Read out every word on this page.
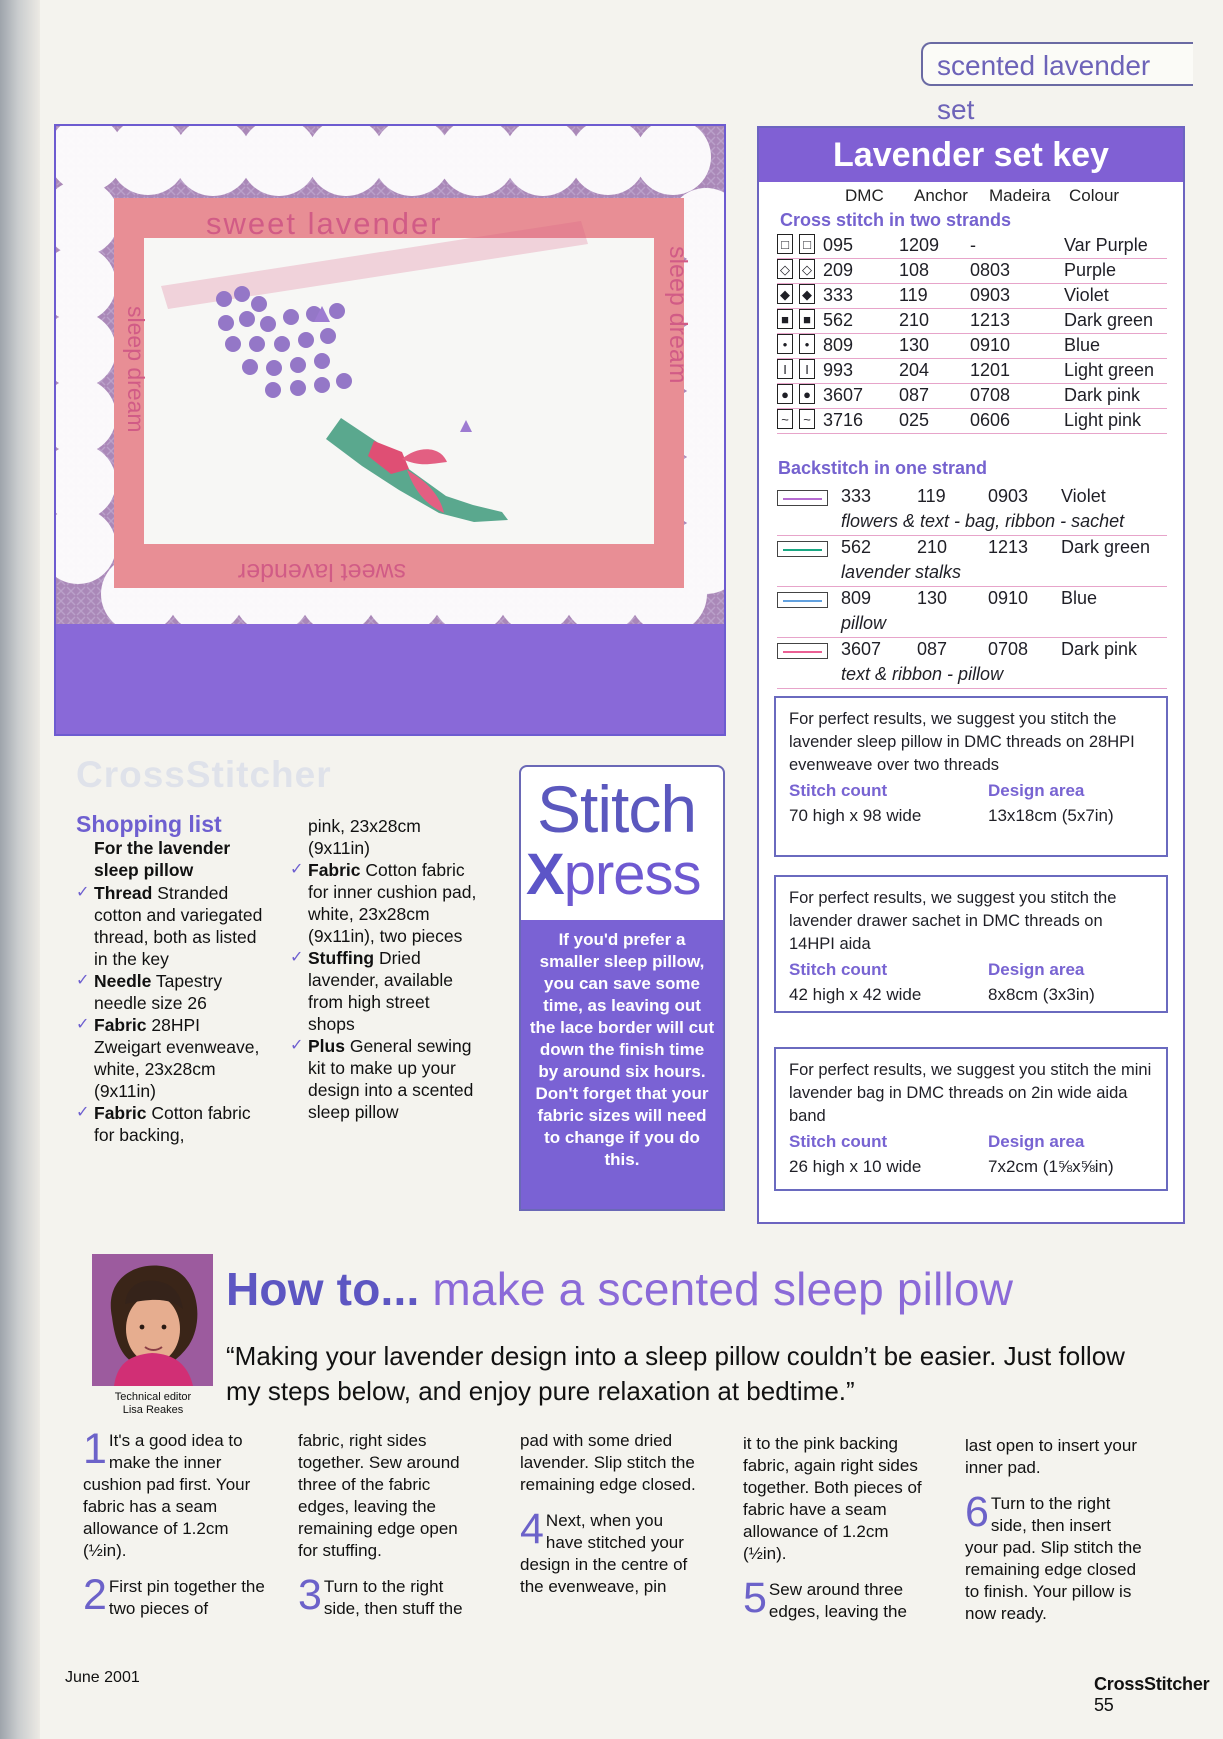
scented lavender set
sweet lavender
sleep dream	sleep dream
sweet lavender
CrossStitcher
Shopping list
For the lavender sleep pillow
✓ Thread Stranded cotton and variegated thread, both as listed in the key
✓ Needle Tapestry needle size 26
✓ Fabric 28HPI Zweigart evenweave, white, 23x28cm (9x11in)
✓ Fabric Cotton fabric for backing,
pink, 23x28cm (9x11in)
✓ Fabric Cotton fabric for inner cushion pad, white, 23x28cm (9x11in), two pieces
✓ Stuffing Dried lavender, available from high street shops
✓ Plus General sewing kit to make up your design into a scented sleep pillow
Stitch
Xpress
If you'd prefer a smaller sleep pillow, you can save some time, as leaving out the lace border will cut down the finish time by around six hours. Don't forget that your fabric sizes will need to change if you do this.
Lavender set key
DMC Anchor Madeira Colour
Cross stitch in two strands
□	□ 095	1209 -	Var Purple
◇ ◇ 209	108 0803	Purple
◆ ◆ 333	119 0903	Violet
■	■ 562	210 1213	Dark green
•	• 809	130 0910	Blue
I	I 993	204 1201	Light green
●	● 3607 087 0708	Dark pink
~	~ 3716 025 0606	Light pink
Backstitch in one strand
333	119 0903 Violet
flowers & text - bag, ribbon - sachet
562	210 1213 Dark green
lavender stalks
809	130 0910 Blue
pillow
3607 087 0708 Dark pink
text & ribbon - pillow
For perfect results, we suggest you stitch the lavender sleep pillow in DMC threads on 28HPI evenweave over two threads
Stitch count	Design area
70 high x 98 wide	13x18cm (5x7in)
For perfect results, we suggest you stitch the lavender drawer sachet in DMC threads on 14HPI aida
Stitch count	Design area
42 high x 42 wide	8x8cm (3x3in)
For perfect results, we suggest you stitch the mini lavender bag in DMC threads on 2in wide aida band
Stitch count	Design area
26 high x 10 wide	7x2cm (1⅝x⅝in)
Technical editor
Lisa Reakes
How to... make a scented sleep pillow
“Making your lavender design into a sleep pillow couldn’t be easier. Just follow my steps below, and enjoy pure relaxation at bedtime.”
1 It's a good idea to make the inner cushion pad first. Your fabric has a seam allowance of 1.2cm (½in).
2 First pin together the two pieces of
fabric, right sides together. Sew around three of the fabric edges, leaving the remaining edge open for stuffing.
3 Turn to the right side, then stuff the
pad with some dried lavender. Slip stitch the remaining edge closed.
4 Next, when you have stitched your design in the centre of the evenweave, pin
it to the pink backing fabric, again right sides together. Both pieces of fabric have a seam allowance of 1.2cm (½in).
5 Sew around three edges, leaving the
last open to insert your inner pad.
6 Turn to the right side, then insert your pad. Slip stitch the remaining edge closed to finish. Your pillow is now ready.
June 2001	CrossStitcher 55
